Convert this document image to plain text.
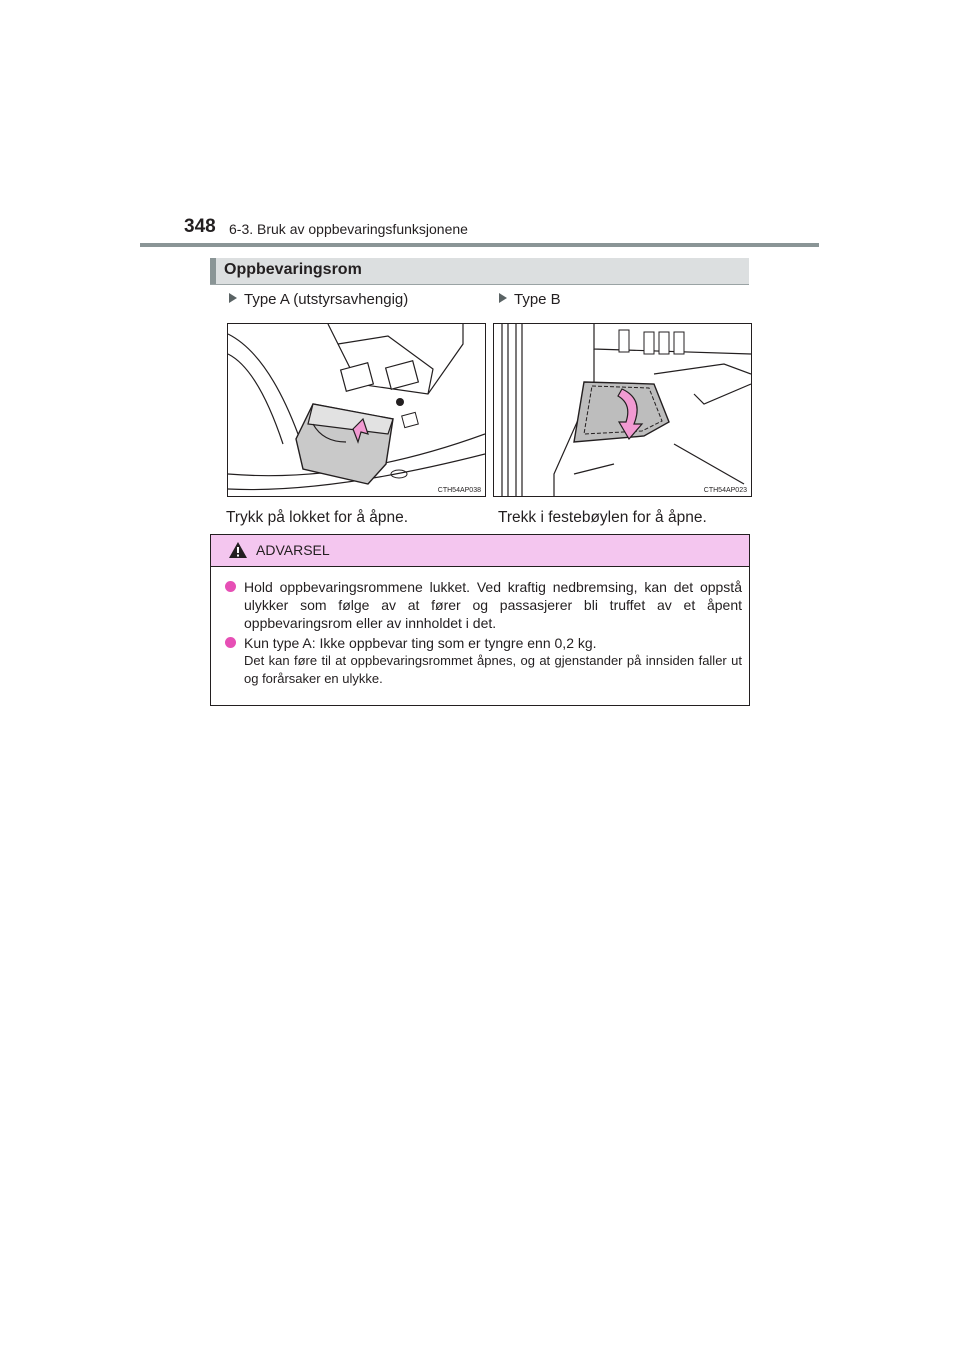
348 6-3. Bruk av oppbevaringsfunksjonene
Oppbevaringsrom
Type A (utstyrsavhengig)	Type B
CTH54AP038	CTH54AP023
Trykk på lokket for å åpne.	Trekk i festebøylen for å åpne.
ADVARSEL
Hold oppbevaringsrommene lukket. Ved kraftig nedbremsing, kan det oppstå ulykker som følge av at fører og passasjerer bli truffet av et åpent oppbevaringsrom eller av innholdet i det.
Kun type A: Ikke oppbevar ting som er tyngre enn 0,2 kg.
Det kan føre til at oppbevaringsrommet åpnes, og at gjenstander på innsiden faller ut og forårsaker en ulykke.
